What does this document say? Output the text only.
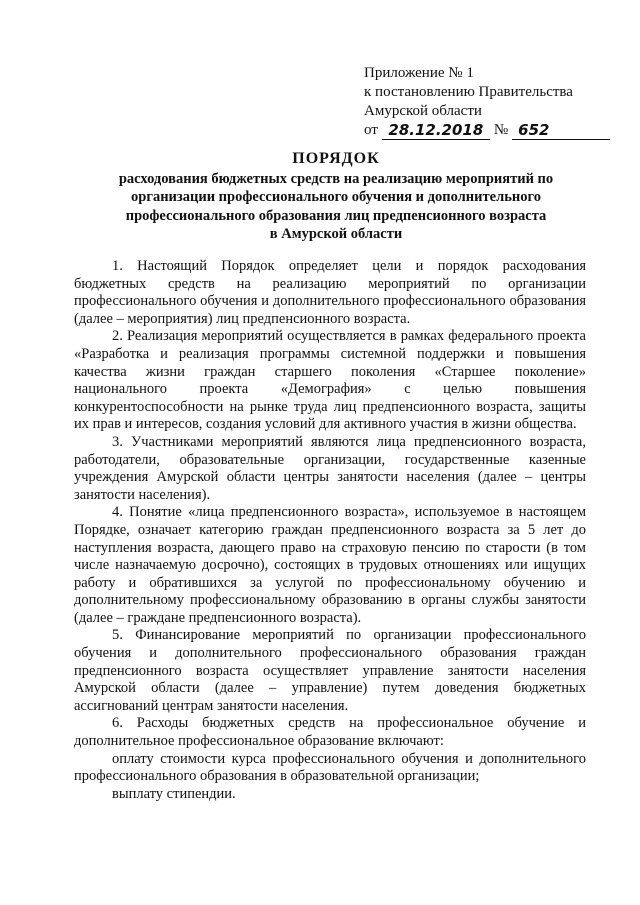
Приложение № 1
к постановлению Правительства
Амурской области
от 28.12.2018 № 652
ПОРЯДОК
расходования бюджетных средств на реализацию мероприятий по
организации профессионального обучения и дополнительного
профессионального образования лиц предпенсионного возраста
в Амурской области

1. Настоящий Порядок определяет цели и порядок расходования бюджетных средств на реализацию мероприятий по организации профессионального обучения и дополнительного профессионального образования (далее – мероприятия) лиц предпенсионного возраста.

2. Реализация мероприятий осуществляется в рамках федерального проекта «Разработка и реализация программы системной поддержки и повышения качества жизни граждан старшего поколения «Старшее поколение» национального проекта «Демография» с целью повышения конкурентоспособности на рынке труда лиц предпенсионного возраста, защиты их прав и интересов, создания условий для активного участия в жизни общества.

3. Участниками мероприятий являются лица предпенсионного возраста, работодатели, образовательные организации, государственные казенные учреждения Амурской области центры занятости населения (далее – центры занятости населения).

4. Понятие «лица предпенсионного возраста», используемое в настоящем Порядке, означает категорию граждан предпенсионного возраста за 5 лет до наступления возраста, дающего право на страховую пенсию по старости (в том числе назначаемую досрочно), состоящих в трудовых отношениях или ищущих работу и обратившихся за услугой по профессиональному обучению и дополнительному профессиональному образованию в органы службы занятости (далее – граждане предпенсионного возраста).

5. Финансирование мероприятий по организации профессионального обучения и дополнительного профессионального образования граждан предпенсионного возраста осуществляет управление занятости населения Амурской области (далее – управление) путем доведения бюджетных ассигнований центрам занятости населения.

6. Расходы бюджетных средств на профессиональное обучение и дополнительное профессиональное образование включают:

оплату стоимости курса профессионального обучения и дополнительного профессионального образования в образовательной организации;

выплату стипендии.
